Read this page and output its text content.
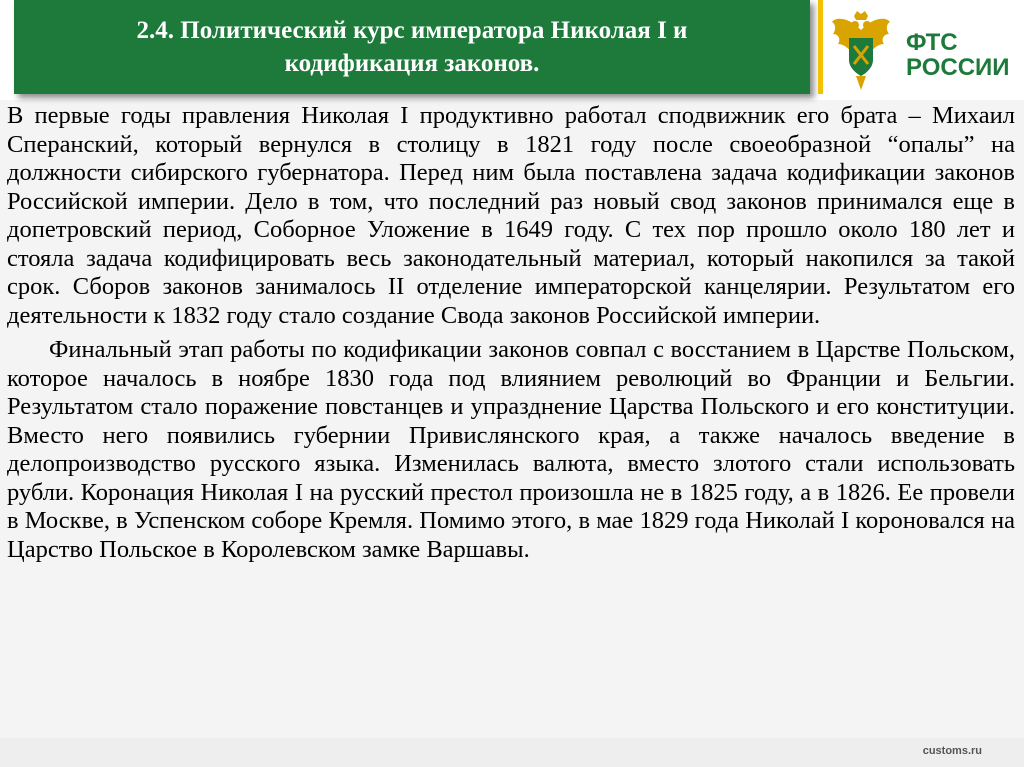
2.4. Политический курс императора Николая I и кодификация законов.
ФТС
РОССИИ

В первые годы правления Николая I продуктивно работал сподвижник его брата – Михаил Сперанский, который вернулся в столицу в 1821 году после своеобразной “опалы” на должности сибирского губернатора. Перед ним была поставлена задача кодификации законов Российской империи. Дело в том, что последний раз новый свод законов принимался еще в допетровский период, Соборное Уложение в 1649 году. С тех пор прошло около 180 лет и стояла задача кодифицировать весь законодательный материал, который накопился за такой срок. Сборов законов занималось II отделение императорской канцелярии. Результатом его деятельности к 1832 году стало создание Свода законов Российской империи.

Финальный этап работы по кодификации законов совпал с восстанием в Царстве Польском, которое началось в ноябре 1830 года под влиянием революций во Франции и Бельгии. Результатом стало поражение повстанцев и упразднение Царства Польского и его конституции. Вместо него появились губернии Привислянского края, а также началось введение в делопроизводство русского языка. Изменилась валюта, вместо злотого стали использовать рубли. Коронация Николая I на русский престол произошла не в 1825 году, а в 1826. Ее провели в Москве, в Успенском соборе Кремля. Помимо этого, в мае 1829 года Николай I короновался на Царство Польское в Королевском замке Варшавы.

customs.ru
